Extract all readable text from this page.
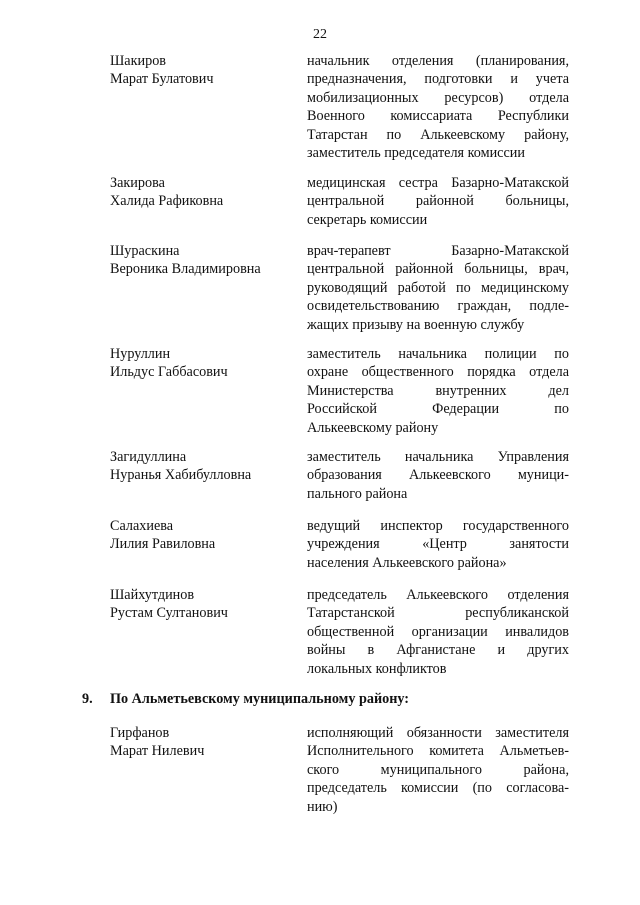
22
Шакиров
Марат Булатович
начальник отделения (планирования,
предназначения, подготовки и учета
мобилизационных ресурсов) отдела
Военного комиссариата Республики
Татарстан по Алькеевскому району,
заместитель председателя комиссии
Закирова
Халида Рафиковна
медицинская сестра Базарно-Матакской
центральной районной больницы,
секретарь комиссии
Шураскина
Вероника Владимировна
врач-терапевт Базарно-Матакской
центральной районной больницы, врач,
руководящий работой по медицинскому
освидетельствованию граждан, подле-
жащих призыву на военную службу
Нуруллин
Ильдус Габбасович
заместитель начальника полиции по
охране общественного порядка отдела
Министерства внутренних дел
Российской Федерации по
Алькеевскому району
Загидуллина
Нуранья Хабибулловна
заместитель начальника Управления
образования Алькеевского муници-
пального района
Салахиева
Лилия Равиловна
ведущий инспектор государственного
учреждения «Центр занятости
населения Алькеевского района»
Шайхутдинов
Рустам Султанович
председатель Алькеевского отделения
Татарстанской республиканской
общественной организации инвалидов
войны в Афганистане и других
локальных конфликтов
9. По Альметьевскому муниципальному району:
Гирфанов
Марат Нилевич
исполняющий обязанности заместителя
Исполнительного комитета Альметьев-
ского муниципального района,
председатель комиссии (по согласова-
нию)
